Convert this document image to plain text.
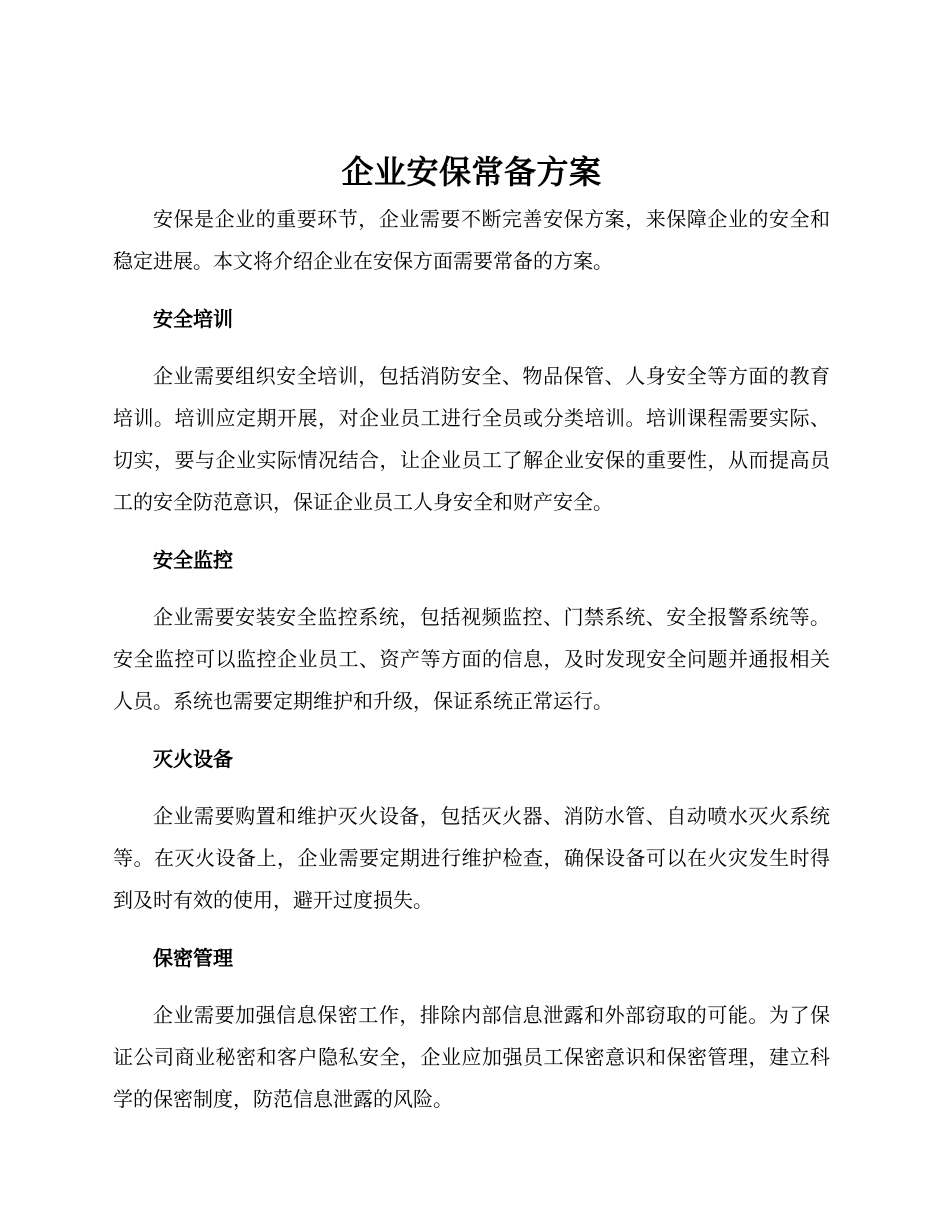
企业安保常备方案

安保是企业的重要环节，企业需要不断完善安保方案，来保障企业的安全和稳定进展。本文将介绍企业在安保方面需要常备的方案。

安全培训

企业需要组织安全培训，包括消防安全、物品保管、人身安全等方面的教育培训。培训应定期开展，对企业员工进行全员或分类培训。培训课程需要实际、切实，要与企业实际情况结合，让企业员工了解企业安保的重要性，从而提高员工的安全防范意识，保证企业员工人身安全和财产安全。

安全监控

企业需要安装安全监控系统，包括视频监控、门禁系统、安全报警系统等。安全监控可以监控企业员工、资产等方面的信息，及时发现安全问题并通报相关人员。系统也需要定期维护和升级，保证系统正常运行。

灭火设备

企业需要购置和维护灭火设备，包括灭火器、消防水管、自动喷水灭火系统等。在灭火设备上，企业需要定期进行维护检查，确保设备可以在火灾发生时得到及时有效的使用，避开过度损失。

保密管理

企业需要加强信息保密工作，排除内部信息泄露和外部窃取的可能。为了保证公司商业秘密和客户隐私安全，企业应加强员工保密意识和保密管理，建立科学的保密制度，防范信息泄露的风险。
